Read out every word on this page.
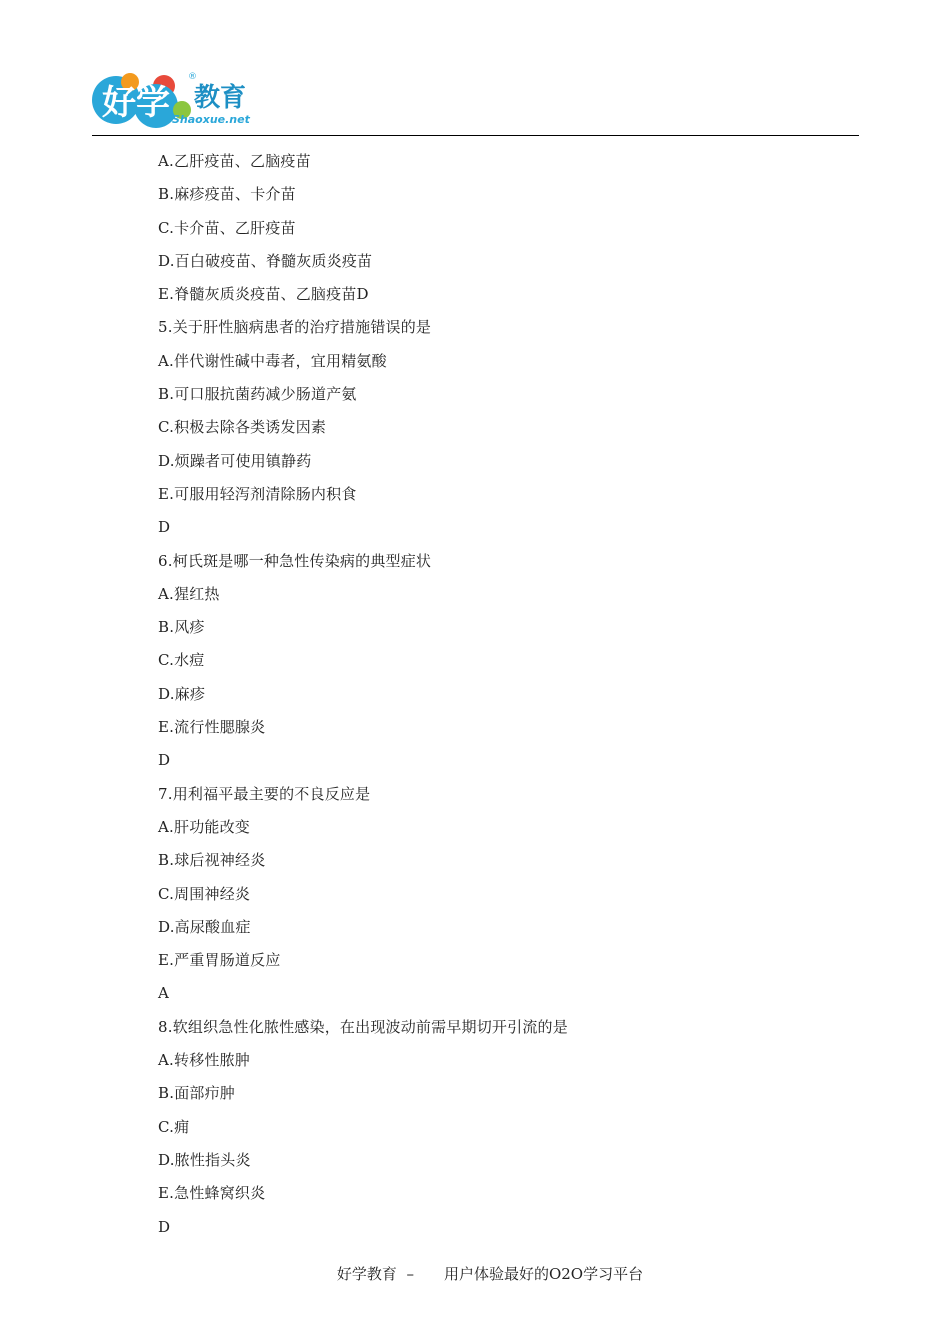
好学 教育
®
Shaoxue.net
A.乙肝疫苗、乙脑疫苗
B.麻疹疫苗、卡介苗
C.卡介苗、乙肝疫苗
D.百白破疫苗、脊髓灰质炎疫苗
E.脊髓灰质炎疫苗、乙脑疫苗D
5.关于肝性脑病患者的治疗措施错误的是
A.伴代谢性碱中毒者，宜用精氨酸
B.可口服抗菌药减少肠道产氨
C.积极去除各类诱发因素
D.烦躁者可使用镇静药
E.可服用轻泻剂清除肠内积食
D
6.柯氏斑是哪一种急性传染病的典型症状
A.猩红热
B.风疹
C.水痘
D.麻疹
E.流行性腮腺炎
D
7.用利福平最主要的不良反应是
A.肝功能改变
B.球后视神经炎
C.周围神经炎
D.高尿酸血症
E.严重胃肠道反应
A
8.软组织急性化脓性感染，在出现波动前需早期切开引流的是
A.转移性脓肿
B.面部疖肿
C.痈
D.脓性指头炎
E.急性蜂窝织炎
D
好学教育  – 用户体验最好的O2O学习平台
